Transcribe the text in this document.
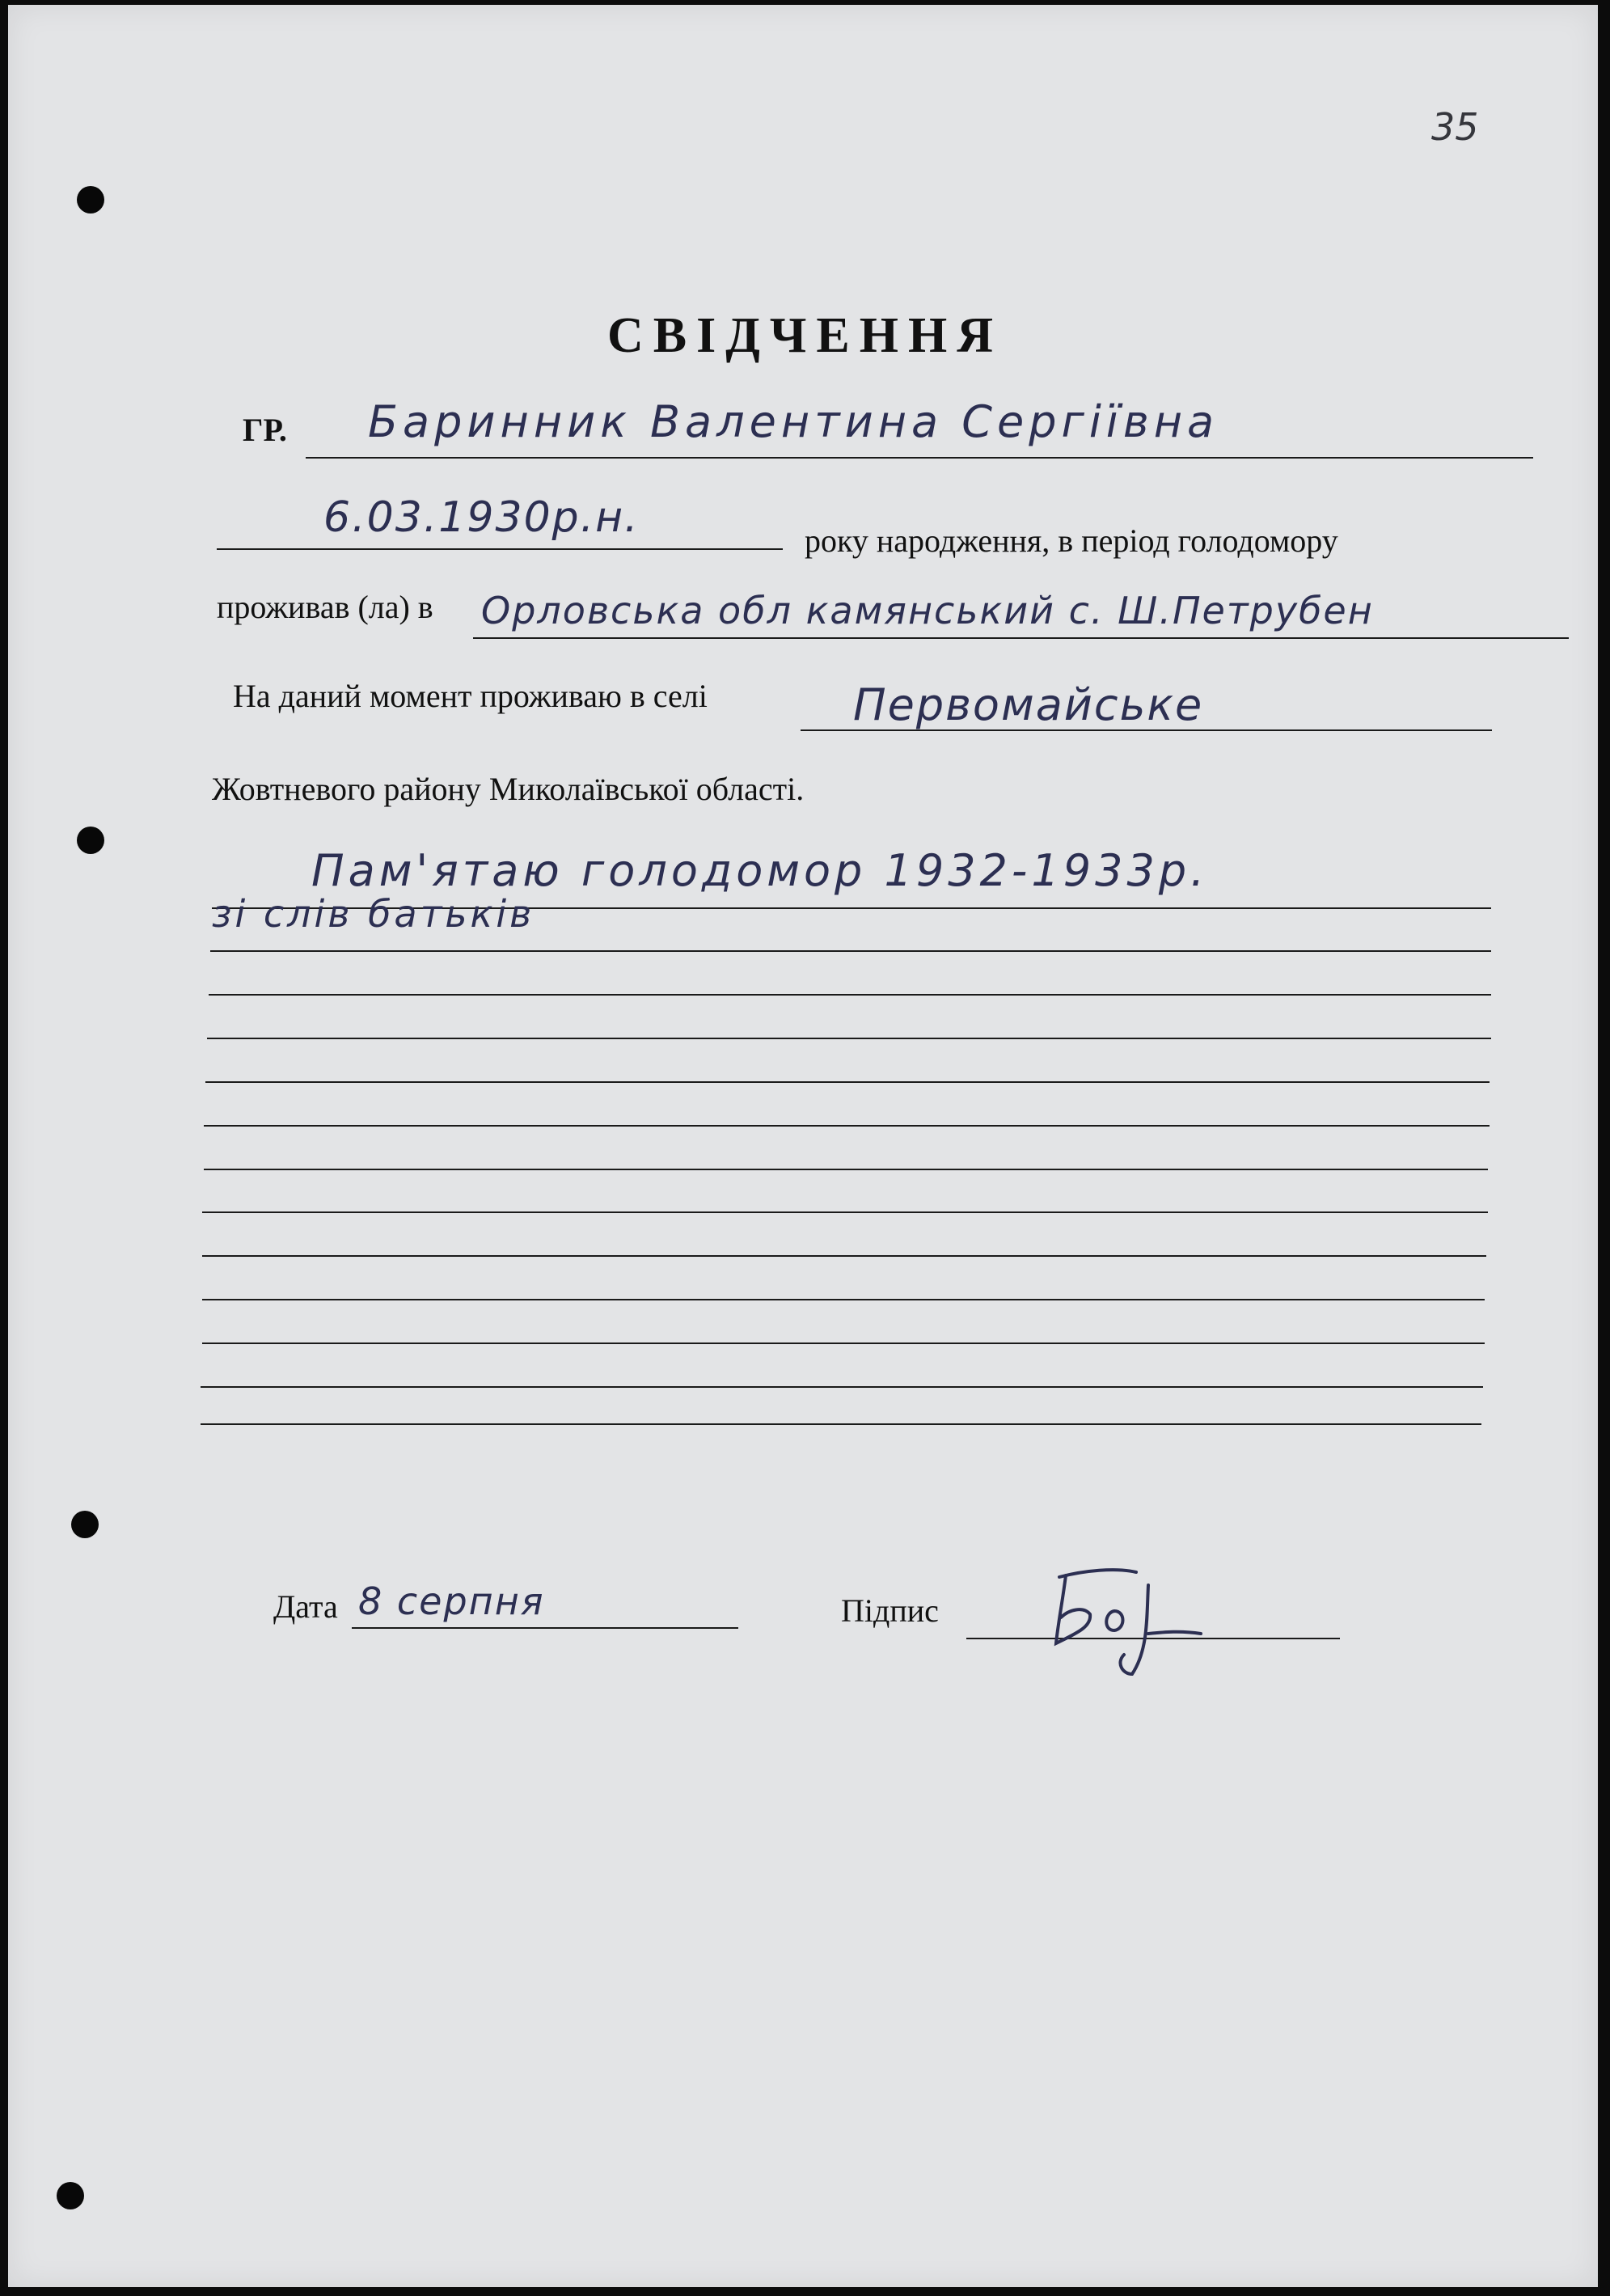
35
СВІДЧЕННЯ
ГР. Баринник Валентина Сергіївна
6.03.1930р.н.	року народження, в період голодомору
проживав (ла) в Орловська обл камянський с. Ш.Петрубен
На даний момент проживаю в селі	Первомайське
Жовтневого району Миколаївської області.
Пам'ятаю голодомор 1932-1933р.
зі слів батьків
Дата 8 серпня	Підпис
